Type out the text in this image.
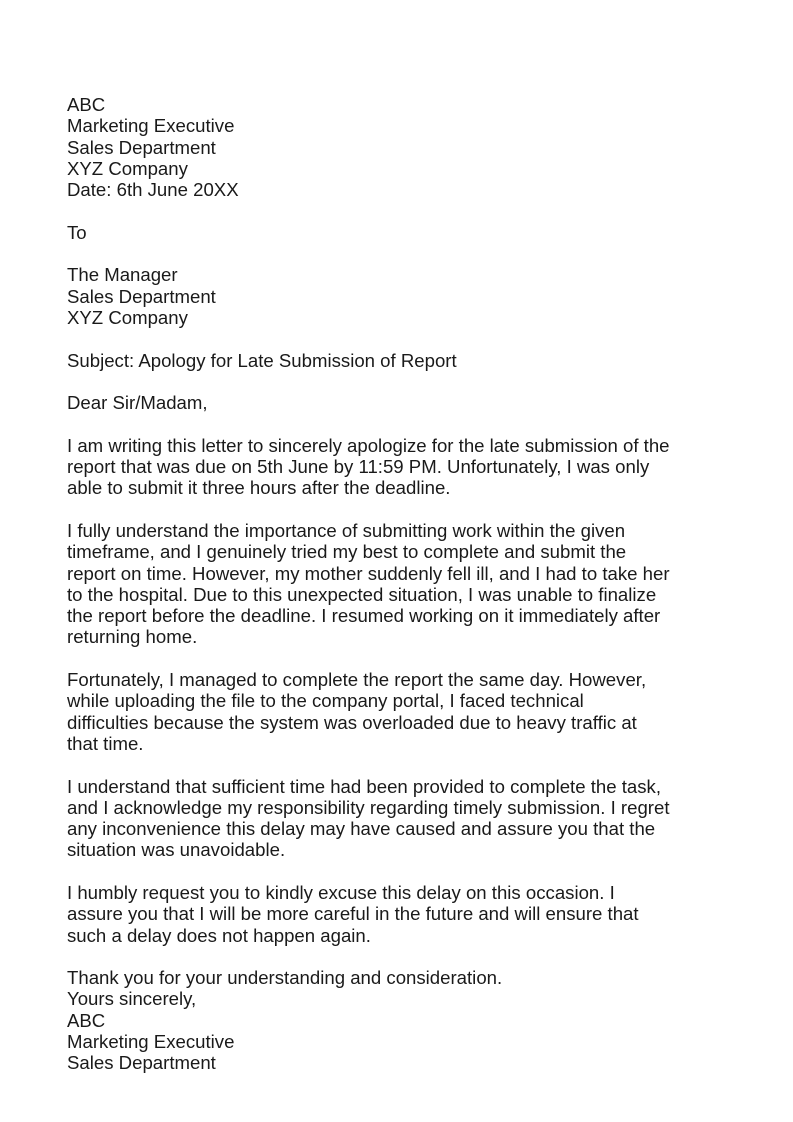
ABC
Marketing Executive
Sales Department
XYZ Company
Date: 6th June 20XX
To
The Manager
Sales Department
XYZ Company
Subject: Apology for Late Submission of Report
Dear Sir/Madam,
I am writing this letter to sincerely apologize for the late submission of the
report that was due on 5th June by 11:59 PM. Unfortunately, I was only
able to submit it three hours after the deadline.
I fully understand the importance of submitting work within the given
timeframe, and I genuinely tried my best to complete and submit the
report on time. However, my mother suddenly fell ill, and I had to take her
to the hospital. Due to this unexpected situation, I was unable to finalize
the report before the deadline. I resumed working on it immediately after
returning home.
Fortunately, I managed to complete the report the same day. However,
while uploading the file to the company portal, I faced technical
difficulties because the system was overloaded due to heavy traffic at
that time.
I understand that sufficient time had been provided to complete the task,
and I acknowledge my responsibility regarding timely submission. I regret
any inconvenience this delay may have caused and assure you that the
situation was unavoidable.
I humbly request you to kindly excuse this delay on this occasion. I
assure you that I will be more careful in the future and will ensure that
such a delay does not happen again.
Thank you for your understanding and consideration.
Yours sincerely,
ABC
Marketing Executive
Sales Department
